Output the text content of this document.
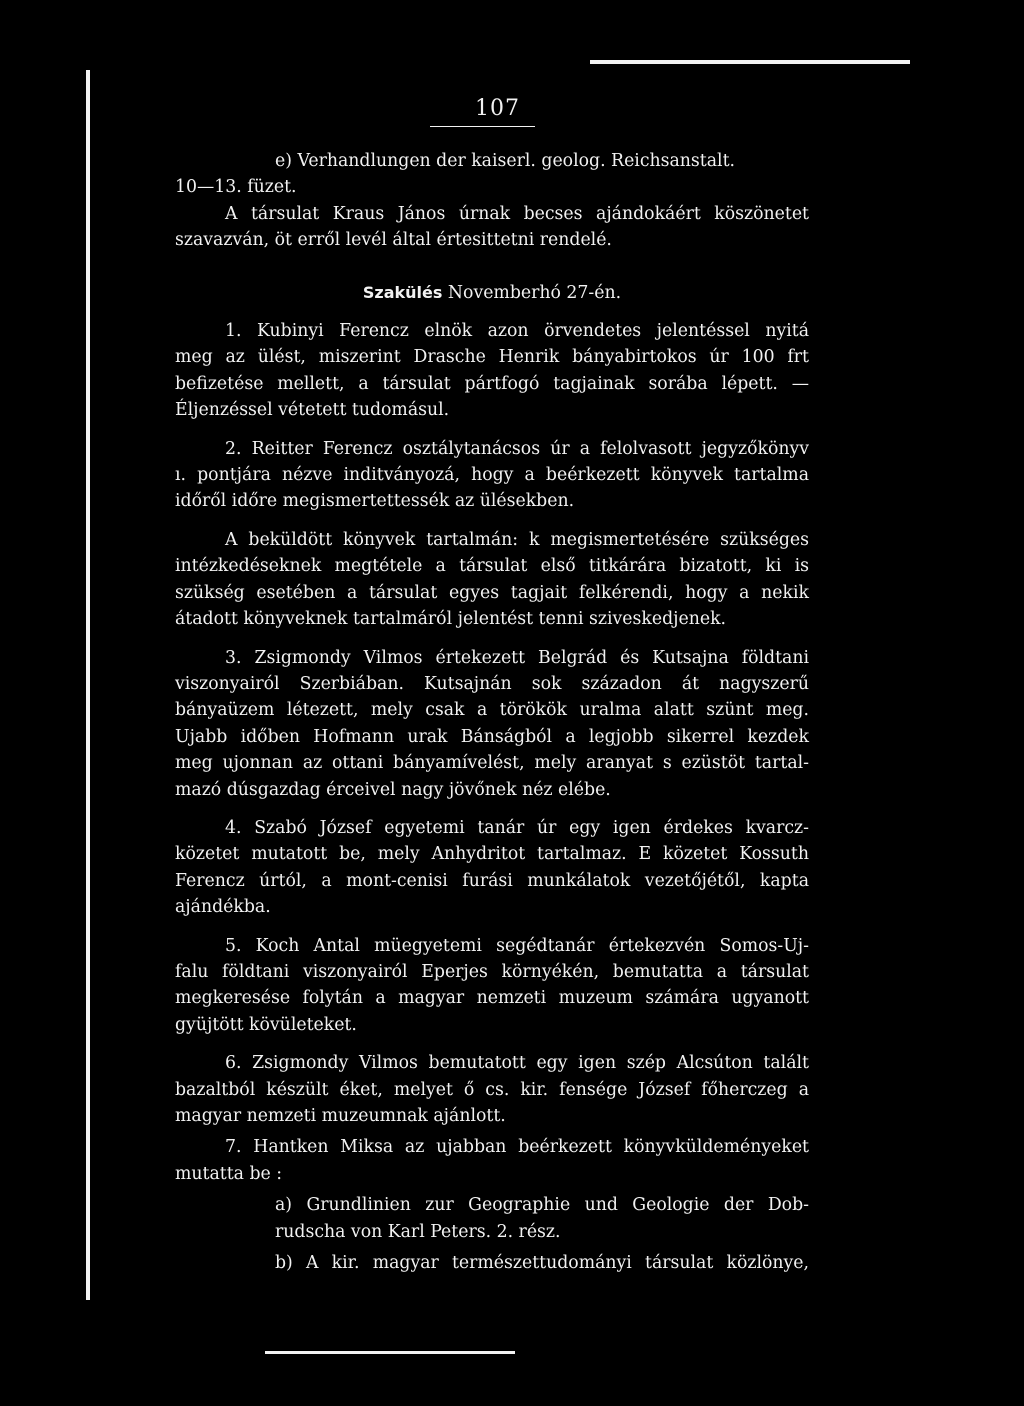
107
e) Verhandlungen der kaiserl. geolog. Reichsanstalt.
10—13. füzet.
A társulat Kraus János úrnak becses ajándokáért köszönetet
szavazván, öt erről levél által értesittetni rendelé.
Szakülés Novemberhó 27-én.
1. Kubinyi Ferencz elnök azon örvendetes jelentéssel nyitá
meg az ülést, miszerint Drasche Henrik bányabirtokos úr 100 frt
befizetése mellett, a társulat pártfogó tagjainak sorába lépett. —
Éljenzéssel vétetett tudomásul.
2. Reitter Ferencz osztálytanácsos úr a felolvasott jegyzőkönyv
ı. pontjára nézve inditványozá, hogy a beérkezett könyvek tartalma
időről időre megismertettessék az ülésekben.
A beküldött könyvek tartalmán: k megismertetésére szükséges
intézkedéseknek megtétele a társulat első titkárára bizatott, ki is
szükség esetében a társulat egyes tagjait felkérendi, hogy a nekik
átadott könyveknek tartalmáról jelentést tenni sziveskedjenek.
3. Zsigmondy Vilmos értekezett Belgrád és Kutsajna földtani
viszonyairól Szerbiában. Kutsajnán sok századon át nagyszerű
bányaüzem létezett, mely csak a törökök uralma alatt szünt meg.
Ujabb időben Hofmann urak Bánságból a legjobb sikerrel kezdek
meg ujonnan az ottani bányamívelést, mely aranyat s ezüstöt tartal-
mazó dúsgazdag érceivel nagy jövőnek néz elébe.
4. Szabó József egyetemi tanár úr egy igen érdekes kvarcz-
közetet mutatott be, mely Anhydritot tartalmaz. E közetet Kossuth
Ferencz úrtól, a mont-cenisi furási munkálatok vezetőjétől, kapta
ajándékba.
5. Koch Antal müegyetemi segédtanár értekezvén Somos-Uj-
falu földtani viszonyairól Eperjes környékén, bemutatta a társulat
megkeresése folytán a magyar nemzeti muzeum számára ugyanott
gyüjtött kövületeket.
6. Zsigmondy Vilmos bemutatott egy igen szép Alcsúton talált
bazaltból készült éket, melyet ő cs. kir. fensége József főherczeg a
magyar nemzeti muzeumnak ajánlott.
7. Hantken Miksa az ujabban beérkezett könyvküldeményeket
mutatta be :
a) Grundlinien zur Geographie und Geologie der Dob-
rudscha von Karl Peters. 2. rész.
b) A kir. magyar természettudományi társulat közlönye,
